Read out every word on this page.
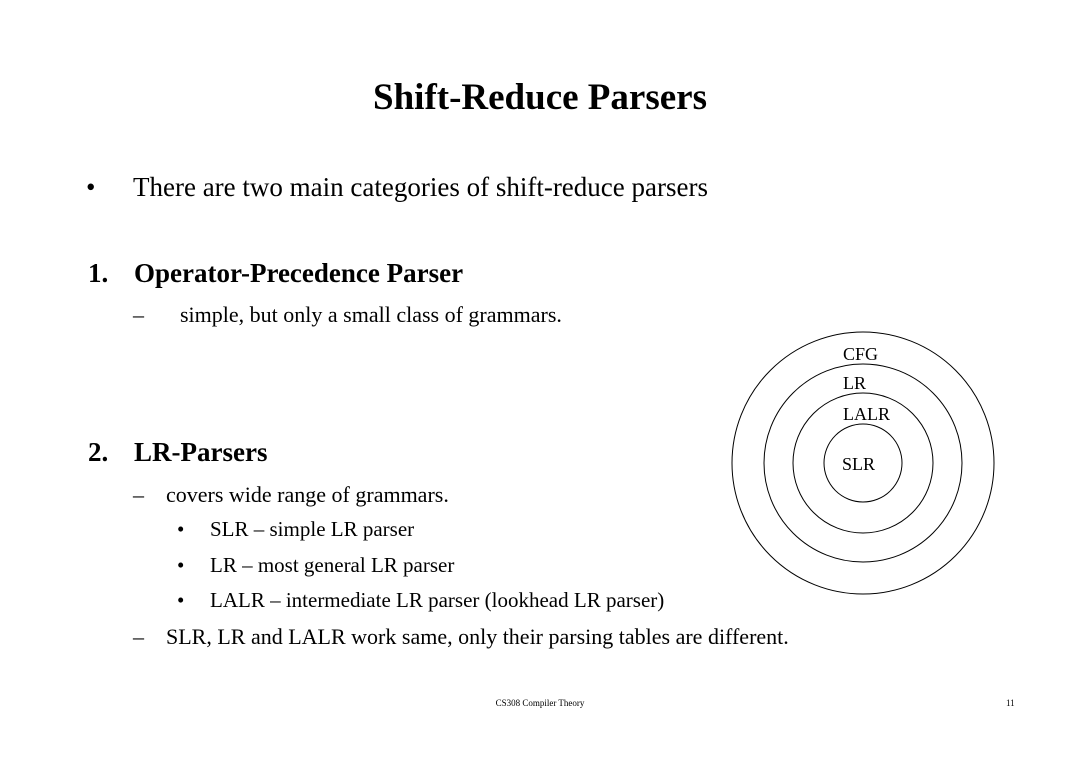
Shift-Reduce Parsers
• There are two main categories of shift-reduce parsers
1. Operator-Precedence Parser
– simple, but only a small class of grammars.
2. LR-Parsers
– covers wide range of grammars.
• SLR – simple LR parser
• LR – most general LR parser
• LALR – intermediate LR parser (lookhead LR parser)
– SLR, LR and LALR work same, only their parsing tables are different.
CFG
LR
LALR
SLR
CS308 Compiler Theory	11
